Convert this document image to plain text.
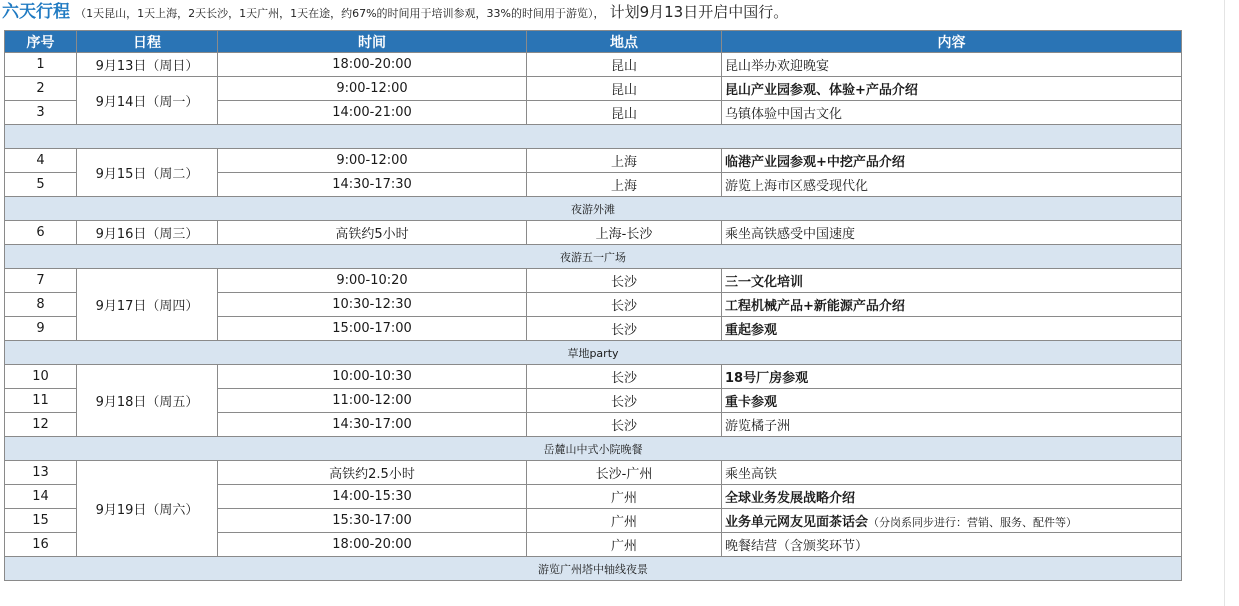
六天行程 （1天昆山，1天上海，2天长沙，1天广州，1天在途，约67%的时间用于培训参观，33%的时间用于游览）， 计划9月13日开启中国行。
序号	日程	时间	地点	内容
1	9月13日（周日）	18:00-20:00	昆山	昆山举办欢迎晚宴
2	9月14日（周一）	9:00-12:00	昆山	昆山产业园参观、体验+产品介绍
3		14:00-21:00	昆山	乌镇体验中国古文化

4	9月15日（周二）	9:00-12:00	上海	临港产业园参观+中挖产品介绍
5		14:30-17:30	上海	游览上海市区感受现代化
夜游外滩				
6	9月16日（周三）	高铁约5小时	上海-长沙	乘坐高铁感受中国速度
夜游五一广场				
7	9月17日（周四）	9:00-10:20	长沙	三一文化培训
8		10:30-12:30	长沙	工程机械产品+新能源产品介绍
9		15:00-17:00	长沙	重起参观
草地party				
10	9月18日（周五）	10:00-10:30	长沙	18号厂房参观
11		11:00-12:00	长沙	重卡参观
12		14:30-17:00	长沙	游览橘子洲
岳麓山中式小院晚餐				
13	9月19日（周六）	高铁约2.5小时	长沙-广州	乘坐高铁
14		14:00-15:30	广州	全球业务发展战略介绍
15		15:30-17:00	广州	业务单元网友见面茶话会（分岗系同步进行：营销、服务、配件等）
16		18:00-20:00	广州	晚餐结营（含颁奖环节）
游览广州塔中轴线夜景				
